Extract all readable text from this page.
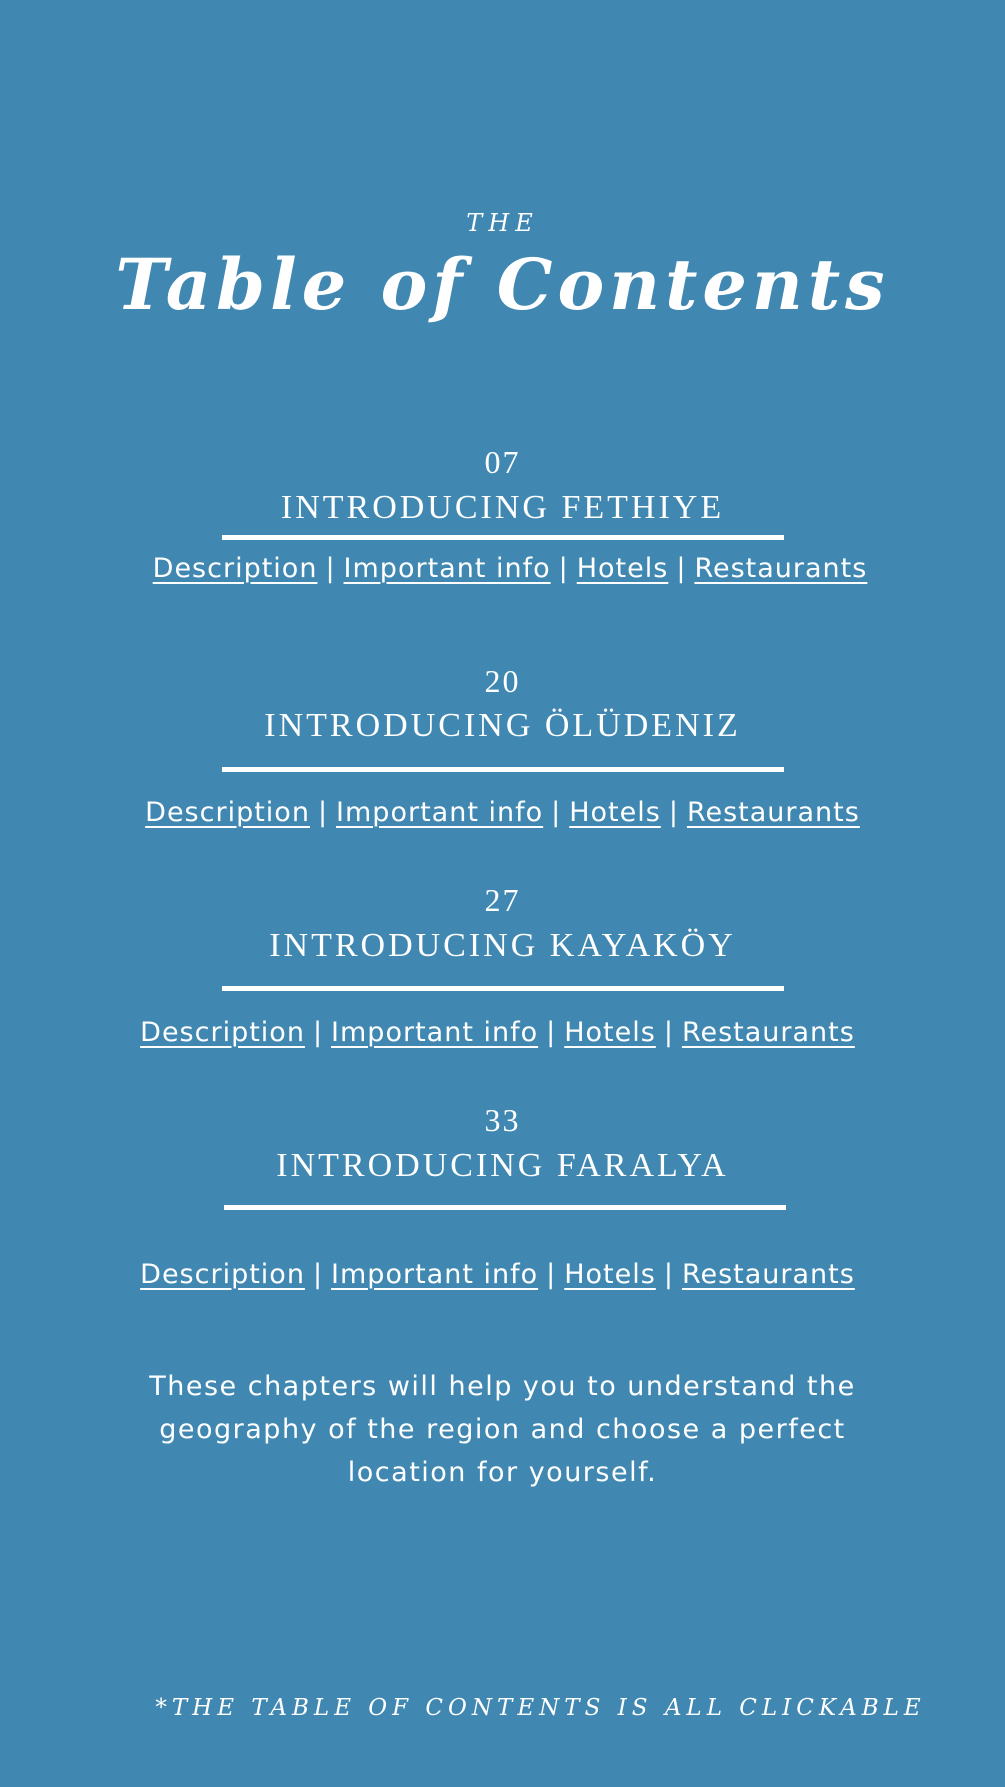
THE

Table of Contents

07

INTRODUCING FETHIYE

Description | Important info | Hotels | Restaurants

20

INTRODUCING ÖLÜDENIZ

Description | Important info | Hotels | Restaurants

27

INTRODUCING KAYAKÖY

Description | Important info | Hotels | Restaurants

33

INTRODUCING FARALYA

Description | Important info | Hotels | Restaurants

These chapters will help you to understand the geography of the region and choose a perfect location for yourself.

*THE TABLE OF CONTENTS IS ALL CLICKABLE
